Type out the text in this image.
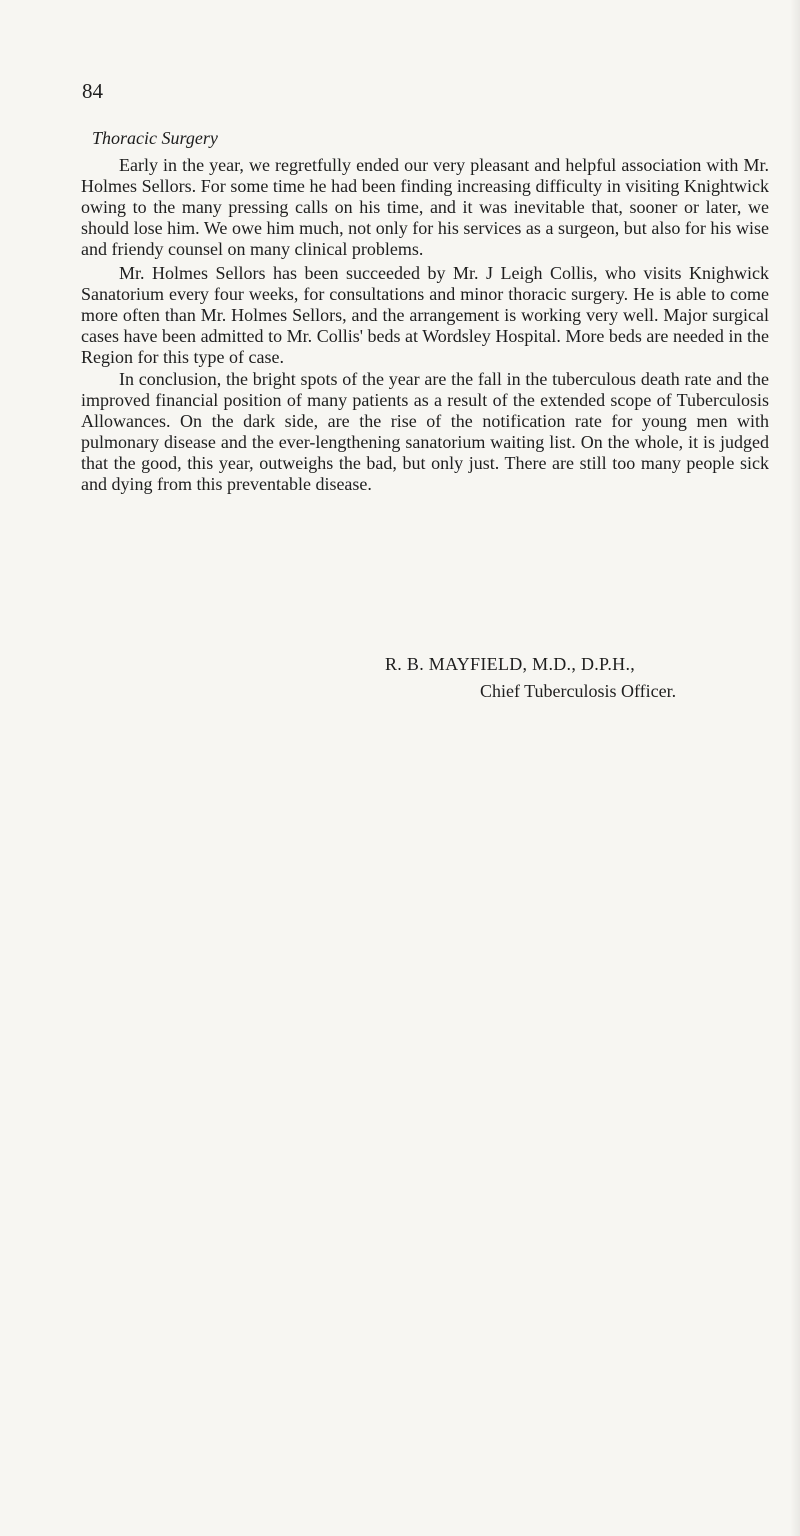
84

Thoracic Surgery

Early in the year, we regretfully ended our very pleasant and helpful association with Mr. Holmes Sellors. For some time he had been finding increasing difficulty in visiting Knightwick owing to the many pressing calls on his time, and it was inevitable that, sooner or later, we should lose him. We owe him much, not only for his services as a surgeon, but also for his wise and friendy counsel on many clinical problems.

Mr. Holmes Sellors has been succeeded by Mr. J Leigh Collis, who visits Knighwick Sanatorium every four weeks, for consultations and minor thoracic surgery. He is able to come more often than Mr. Holmes Sellors, and the arrangement is working very well. Major surgical cases have been admitted to Mr. Collis' beds at Wordsley Hospital. More beds are needed in the Region for this type of case.

In conclusion, the bright spots of the year are the fall in the tuberculous death rate and the improved financial position of many patients as a result of the extended scope of Tuberculosis Allowances. On the dark side, are the rise of the notification rate for young men with pulmonary disease and the ever-lengthening sanatorium waiting list. On the whole, it is judged that the good, this year, outweighs the bad, but only just. There are still too many people sick and dying from this preventable disease.

R. B. MAYFIELD, M.D., D.P.H.,

Chief Tuberculosis Officer.
